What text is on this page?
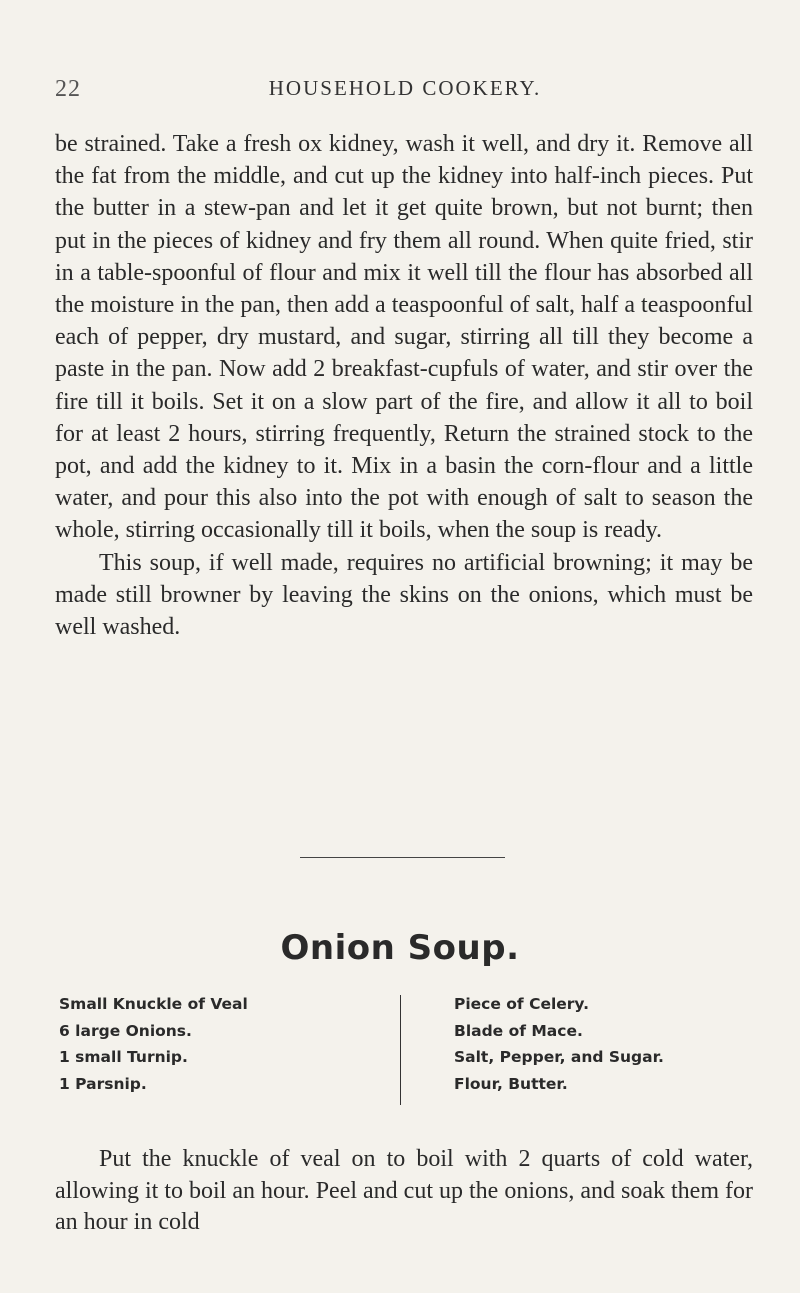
22	HOUSEHOLD COOKERY.

be strained. Take a fresh ox kidney, wash it well, and dry it. Remove all the fat from the middle, and cut up the kidney into half-inch pieces. Put the butter in a stew-pan and let it get quite brown, but not burnt; then put in the pieces of kidney and fry them all round. When quite fried, stir in a table-spoonful of flour and mix it well till the flour has absorbed all the moisture in the pan, then add a teaspoonful of salt, half a teaspoonful each of pepper, dry mustard, and sugar, stirring all till they become a paste in the pan. Now add 2 breakfast-cupfuls of water, and stir over the fire till it boils. Set it on a slow part of the fire, and allow it all to boil for at least 2 hours, stirring frequently, Return the strained stock to the pot, and add the kidney to it. Mix in a basin the corn-flour and a little water, and pour this also into the pot with enough of salt to season the whole, stirring occasionally till it boils, when the soup is ready.

This soup, if well made, requires no artificial browning; it may be made still browner by leaving the skins on the onions, which must be well washed.

Onion Soup.
Small Knuckle of Veal
6 large Onions.
1 small Turnip.
1 Parsnip.
Piece of Celery.
Blade of Mace.
Salt, Pepper, and Sugar.
Flour, Butter.

Put the knuckle of veal on to boil with 2 quarts of cold water, allowing it to boil an hour. Peel and cut up the onions, and soak them for an hour in cold
